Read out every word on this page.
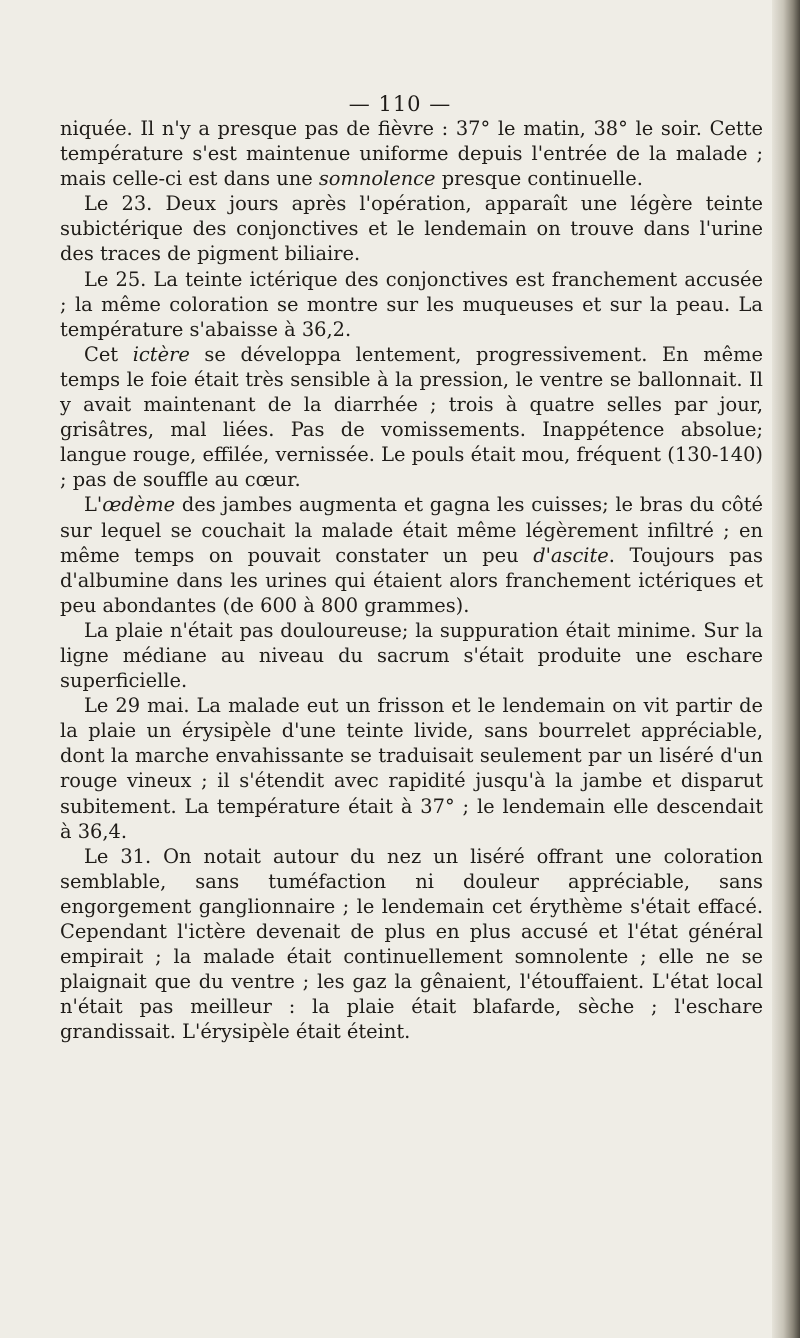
— 110 —

niquée. Il n'y a presque pas de fièvre : 37° le matin, 38° le soir. Cette température s'est maintenue uniforme depuis l'entrée de la malade ; mais celle-ci est dans une somnolence presque continuelle.

Le 23. Deux jours après l'opération, apparaît une légère teinte subictérique des conjonctives et le lendemain on trouve dans l'urine des traces de pigment biliaire.

Le 25. La teinte ictérique des conjonctives est franchement accusée ; la même coloration se montre sur les muqueuses et sur la peau. La température s'abaisse à 36,2.

Cet ictère se développa lentement, progressivement. En même temps le foie était très sensible à la pression, le ventre se ballonnait. Il y avait maintenant de la diarrhée ; trois à quatre selles par jour, grisâtres, mal liées. Pas de vomissements. Inappétence absolue; langue rouge, effilée, vernissée. Le pouls était mou, fréquent (130-140) ; pas de souffle au cœur.

L'œdème des jambes augmenta et gagna les cuisses; le bras du côté sur lequel se couchait la malade était même légèrement infiltré ; en même temps on pouvait constater un peu d'ascite. Toujours pas d'albumine dans les urines qui étaient alors franchement ictériques et peu abondantes (de 600 à 800 grammes).

La plaie n'était pas douloureuse; la suppuration était minime. Sur la ligne médiane au niveau du sacrum s'était produite une eschare superficielle.

Le 29 mai. La malade eut un frisson et le lendemain on vit partir de la plaie un érysipèle d'une teinte livide, sans bourrelet appréciable, dont la marche envahissante se traduisait seulement par un liséré d'un rouge vineux ; il s'étendit avec rapidité jusqu'à la jambe et disparut subitement. La température était à 37° ; le lendemain elle descendait à 36,4.

Le 31. On notait autour du nez un liséré offrant une coloration semblable, sans tuméfaction ni douleur appréciable, sans engorgement ganglionnaire ; le lendemain cet érythème s'était effacé. Cependant l'ictère devenait de plus en plus accusé et l'état général empirait ; la malade était continuellement somnolente ; elle ne se plaignait que du ventre ; les gaz la gênaient, l'étouffaient. L'état local n'était pas meilleur : la plaie était blafarde, sèche ; l'eschare grandissait. L'érysipèle était éteint.
